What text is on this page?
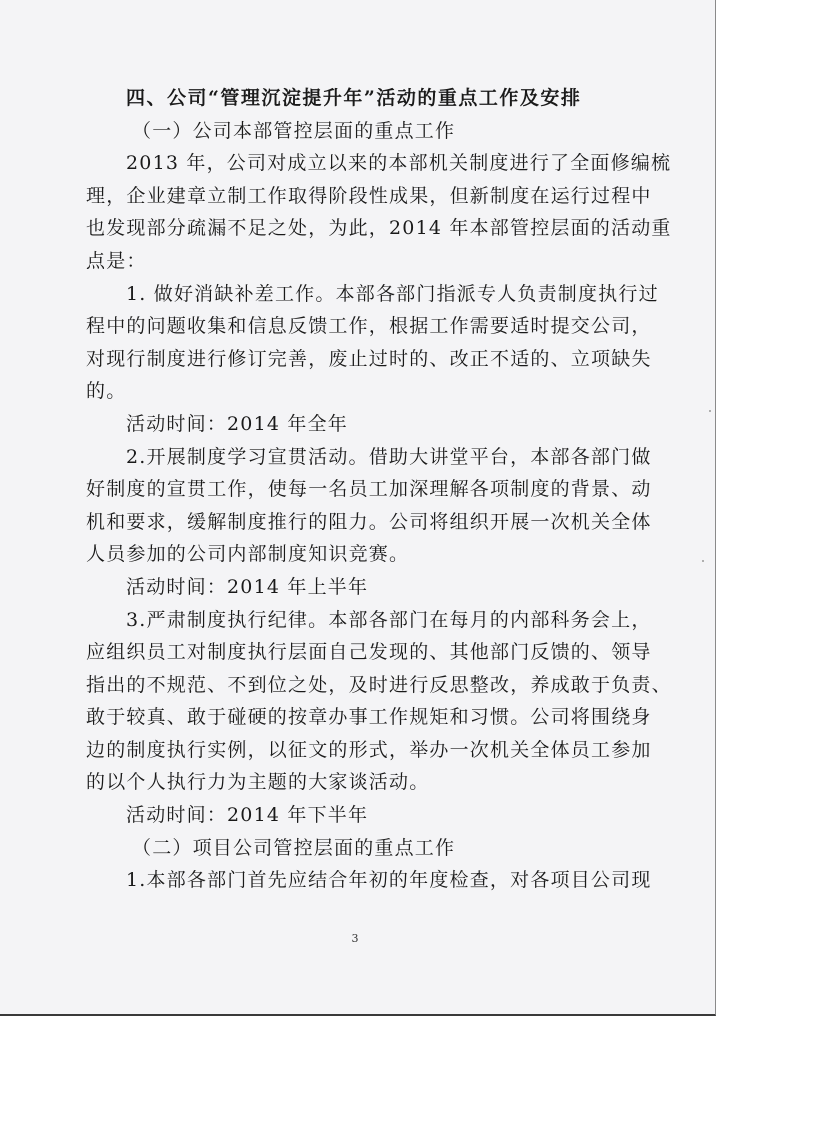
四、公司“管理沉淀提升年”活动的重点工作及安排
（一）公司本部管控层面的重点工作
2013 年，公司对成立以来的本部机关制度进行了全面修编梳
理，企业建章立制工作取得阶段性成果，但新制度在运行过程中
也发现部分疏漏不足之处，为此，2014 年本部管控层面的活动重
点是：
1. 做好消缺补差工作。本部各部门指派专人负责制度执行过
程中的问题收集和信息反馈工作，根据工作需要适时提交公司，
对现行制度进行修订完善，废止过时的、改正不适的、立项缺失
的。
活动时间：2014 年全年
2.开展制度学习宣贯活动。借助大讲堂平台，本部各部门做
好制度的宣贯工作，使每一名员工加深理解各项制度的背景、动
机和要求，缓解制度推行的阻力。公司将组织开展一次机关全体
人员参加的公司内部制度知识竞赛。
活动时间：2014 年上半年
3.严肃制度执行纪律。本部各部门在每月的内部科务会上，
应组织员工对制度执行层面自己发现的、其他部门反馈的、领导
指出的不规范、不到位之处，及时进行反思整改，养成敢于负责、
敢于较真、敢于碰硬的按章办事工作规矩和习惯。公司将围绕身
边的制度执行实例，以征文的形式，举办一次机关全体员工参加
的以个人执行力为主题的大家谈活动。
活动时间：2014 年下半年
（二）项目公司管控层面的重点工作
1.本部各部门首先应结合年初的年度检查，对各项目公司现
3
